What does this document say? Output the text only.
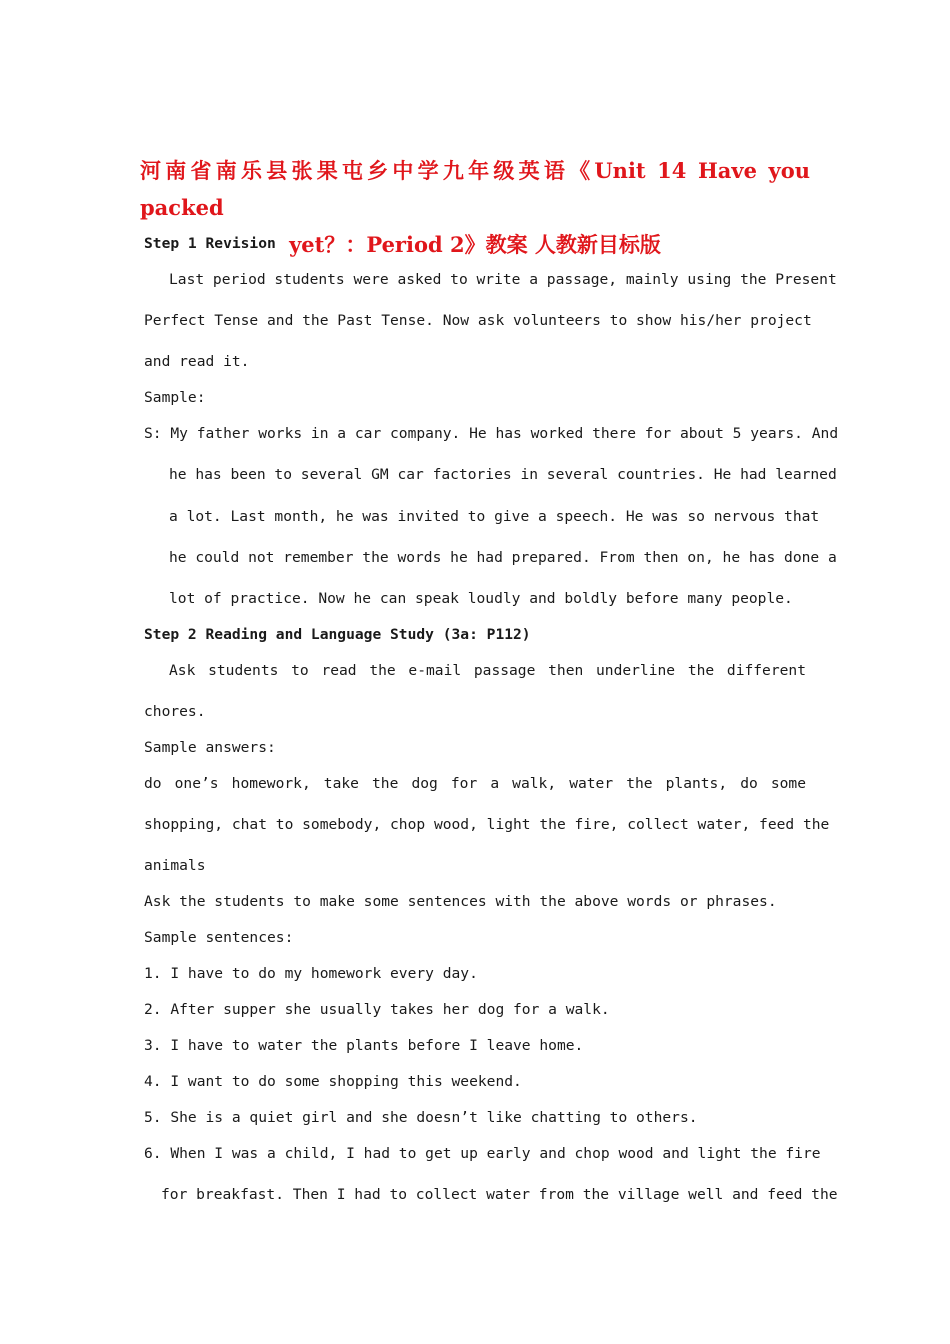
河南省南乐县张果屯乡中学九年级英语《Unit 14 Have you packed
yet？：Period 2》教案 人教新目标版
Step 1 Revision
Last period students were asked to write a passage, mainly using the Present
Perfect Tense and the Past Tense. Now ask volunteers to show his/her project
and read it.
Sample:
S: My father works in a car company. He has worked there for about 5 years. And
he has been to several GM car factories in several countries. He had learned
a lot. Last month, he was invited to give a speech. He was so nervous that
he could not remember the words he had prepared. From then on, he has done a
lot of practice. Now he can speak loudly and boldly before many people.
Step 2 Reading and Language Study (3a: P112)
Ask students to read the e-mail passage then underline the different
chores.
Sample answers:
do one’s homework, take the dog for a walk, water the plants, do some
shopping, chat to somebody, chop wood, light the fire, collect water, feed the
animals
Ask the students to make some sentences with the above words or phrases.
Sample sentences:
1. I have to do my homework every day.
2. After supper she usually takes her dog for a walk.
3. I have to water the plants before I leave home.
4. I want to do some shopping this weekend.
5. She is a quiet girl and she doesn’t like chatting to others.
6. When I was a child, I had to get up early and chop wood and light the fire
for breakfast. Then I had to collect water from the village well and feed the
